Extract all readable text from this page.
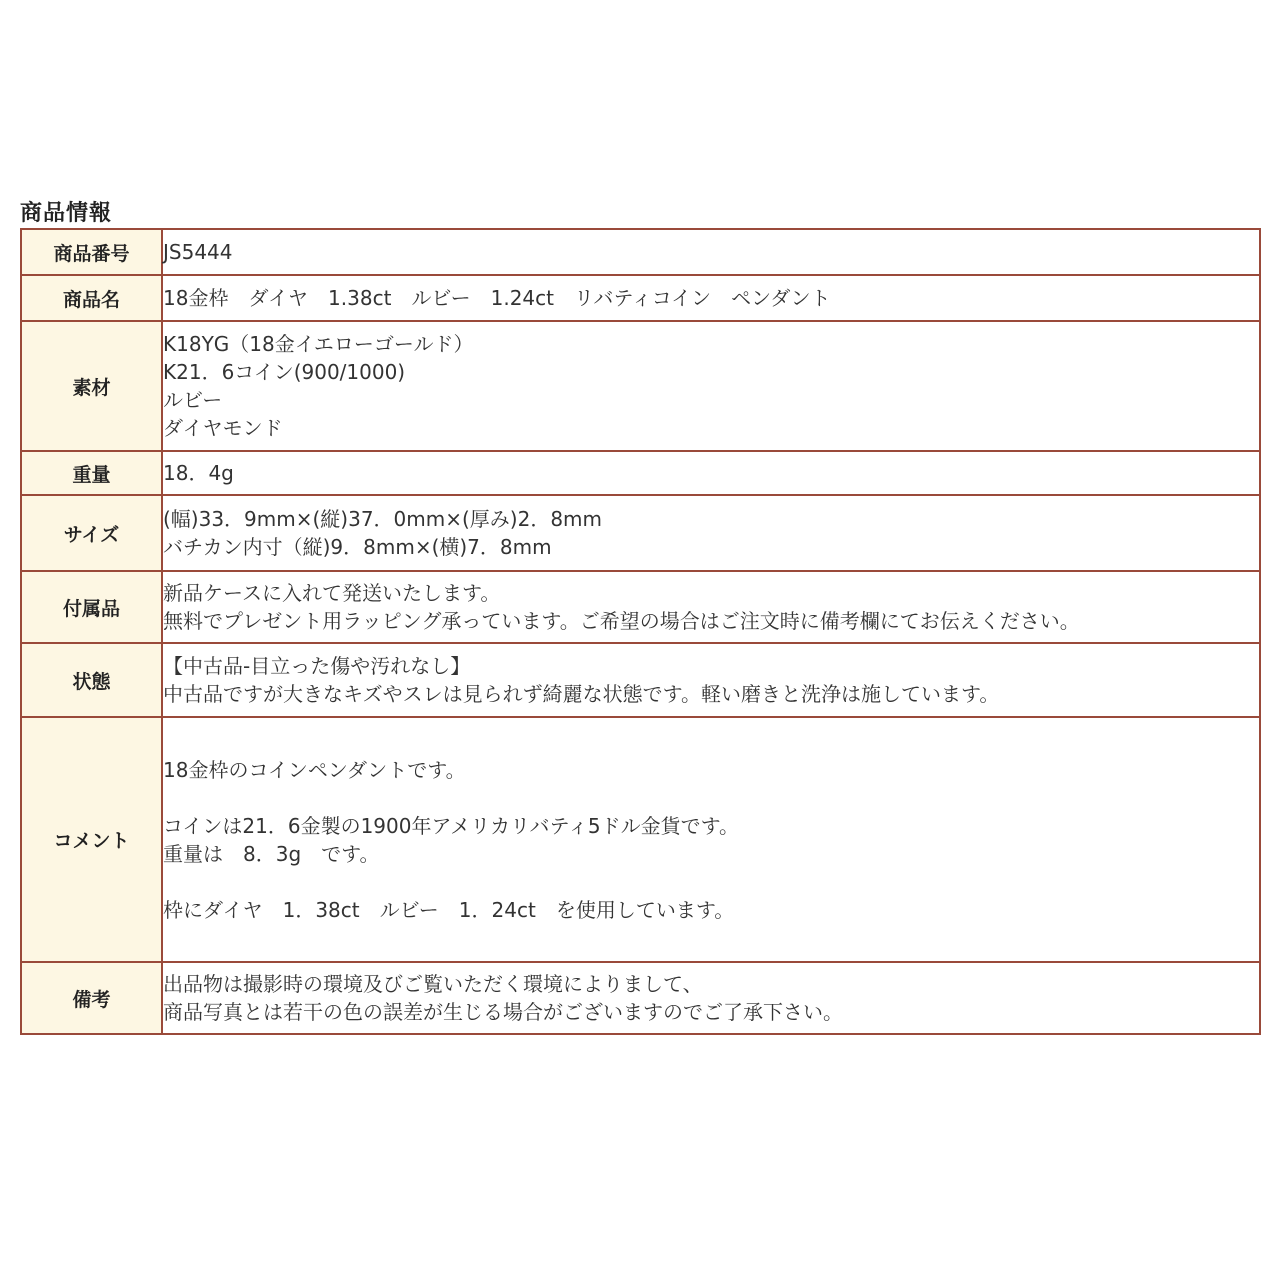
商品情報
商品番号	JS5444

商品名	18金枠　ダイヤ　1.38ct　ルビー　1.24ct　リバティコイン　ペンダント

素材	K18YG（18金イエローゴールド）
K21．6コイン(900/1000)
ルビー
ダイヤモンド

重量	18．4g

サイズ	(幅)33．9mm×(縦)37．0mm×(厚み)2．8mm
バチカン内寸（縦)9．8mm×(横)7．8mm

付属品	新品ケースに入れて発送いたします。
無料でプレゼント用ラッピング承っています。ご希望の場合はご注文時に備考欄にてお伝えください。

状態	【中古品-目立った傷や汚れなし】
中古品ですが大きなキズやスレは見られず綺麗な状態です。軽い磨きと洗浄は施しています。

コメント	18金枠のコインペンダントです。
コインは21．6金製の1900年アメリカリバティ5ドル金貨です。
重量は　8．3g　です。
枠にダイヤ　1．38ct　ルビー　1．24ct　を使用しています。

備考	出品物は撮影時の環境及びご覧いただく環境によりまして、
商品写真とは若干の色の誤差が生じる場合がございますのでご了承下さい。
